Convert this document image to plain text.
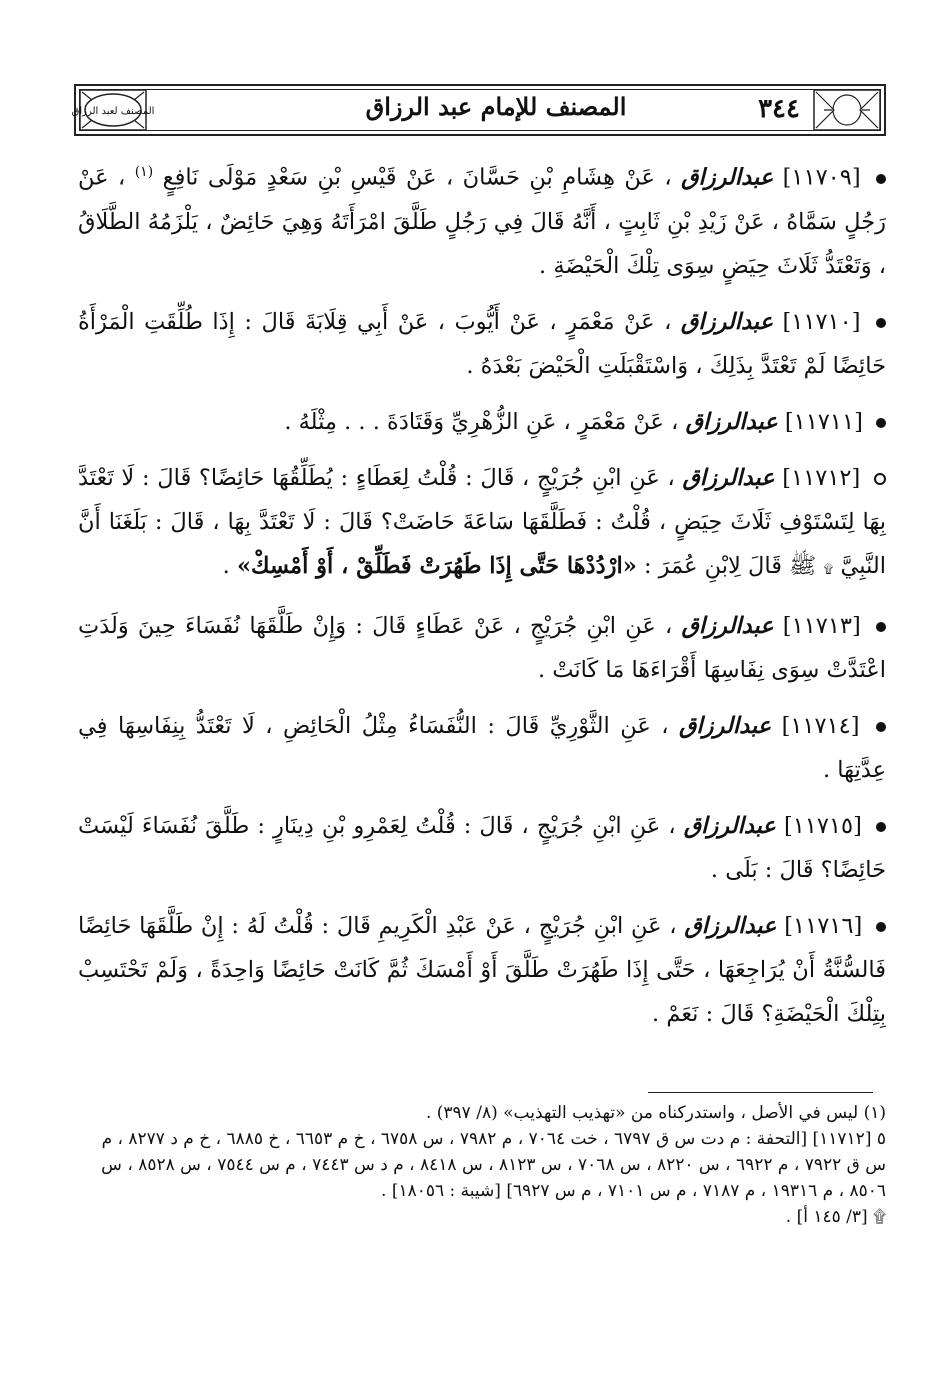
المصنف لعبد الرزاق	٣٤٤
المصنف للإمام عبد الرزاق

[١١٧٠٩] عبدالرزاق ، عَنْ هِشَامِ بْنِ حَسَّانَ ، عَنْ قَيْسِ بْنِ سَعْدٍ مَوْلَى نَافِعٍ $^{(١)}$ ، عَنْ رَجُلٍ سَمَّاهُ ، عَنْ زَيْدِ بْنِ ثَابِتٍ ، أَنَّهُ قَالَ فِي رَجُلٍ طَلَّقَ امْرَأَتَهُ وَهِيَ حَائِضٌ ، يَلْزَمُهُ الطَّلَاقُ ، وَتَعْتَدُّ ثَلَاثَ حِيَضٍ سِوَى تِلْكَ الْحَيْضَةِ .

[١١٧١٠] عبدالرزاق ، عَنْ مَعْمَرٍ ، عَنْ أَيُّوبَ ، عَنْ أَبِي قِلَابَةَ قَالَ : إِذَا طُلِّقَتِ الْمَرْأَةُ حَائِضًا لَمْ تَعْتَدَّ بِذَلِكَ ، وَاسْتَقْبَلَتِ الْحَيْضَ بَعْدَهُ .

[١١٧١١] عبدالرزاق ، عَنْ مَعْمَرٍ ، عَنِ الزُّهْرِيِّ وَقَتَادَةَ . . . مِثْلَهُ .

[١١٧١٢] عبدالرزاق ، عَنِ ابْنِ جُرَيْجٍ ، قَالَ : قُلْتُ لِعَطَاءٍ : يُطَلِّقُهَا حَائِضًا؟ قَالَ : لَا تَعْتَدَّ بِهَا لِتَسْتَوْفِ ثَلَاثَ حِيَضٍ ، قُلْتُ : فَطَلَّقَهَا سَاعَةَ حَاضَتْ؟ قَالَ : لَا تَعْتَدَّ بِهَا ، قَالَ : بَلَغَنَا أَنَّ النَّبِيَّ ۩ ﷺ قَالَ لِابْنِ عُمَرَ : «ارْدُدْهَا حَتَّى إِذَا طَهُرَتْ فَطَلِّقْ ، أَوْ أَمْسِكْ» .

[١١٧١٣] عبدالرزاق ، عَنِ ابْنِ جُرَيْجٍ ، عَنْ عَطَاءٍ قَالَ : وَإِنْ طَلَّقَهَا نُفَسَاءَ حِينَ وَلَدَتِ اعْتَدَّتْ سِوَى نِفَاسِهَا أَقْرَاءَهَا مَا كَانَتْ .

[١١٧١٤] عبدالرزاق ، عَنِ الثَّوْرِيِّ قَالَ : النُّفَسَاءُ مِثْلُ الْحَائِضِ ، لَا تَعْتَدُّ بِنِفَاسِهَا فِي عِدَّتِهَا .

[١١٧١٥] عبدالرزاق ، عَنِ ابْنِ جُرَيْجٍ ، قَالَ : قُلْتُ لِعَمْرِو بْنِ دِينَارٍ : طَلَّقَ نُفَسَاءَ لَيْسَتْ حَائِضًا؟ قَالَ : بَلَى .

[١١٧١٦] عبدالرزاق ، عَنِ ابْنِ جُرَيْجٍ ، عَنْ عَبْدِ الْكَرِيمِ قَالَ : قُلْتُ لَهُ : إِنْ طَلَّقَهَا حَائِضًا فَالسُّنَّةُ أَنْ يُرَاجِعَهَا ، حَتَّى إِذَا طَهُرَتْ طَلَّقَ أَوْ أَمْسَكَ ثُمَّ كَانَتْ حَائِضًا وَاحِدَةً ، وَلَمْ تَحْتَسِبْ بِتِلْكَ الْحَيْضَةِ؟ قَالَ : نَعَمْ .

(١) ليس في الأصل ، واستدركناه من «تهذيب التهذيب» (٨/ ٣٩٧) .

٥ [١١٧١٢] [التحفة : م دت س ق ٦٧٩٧ ، خت ٧٠٦٤ ، م ٧٩٨٢ ، س ٦٧٥٨ ، خ م ٦٦٥٣ ، خ ٦٨٨٥ ، خ م د ٨٢٧٧ ، م س ق ٧٩٢٢ ، م ٦٩٢٢ ، س ٨٢٢٠ ، س ٧٠٦٨ ، س ٨١٢٣ ، س ٨٤١٨ ، م د س ٧٤٤٣ ، م س ٧٥٤٤ ، س ٨٥٢٨ ، س ٨٥٠٦ ، م ١٩٣١٦ ، م ٧١٨٧ ، م س ٧١٠١ ، م س ٦٩٢٧] [شيبة : ١٨٠٥٦] .

۩ [٣/ ١٤٥ أ] .
